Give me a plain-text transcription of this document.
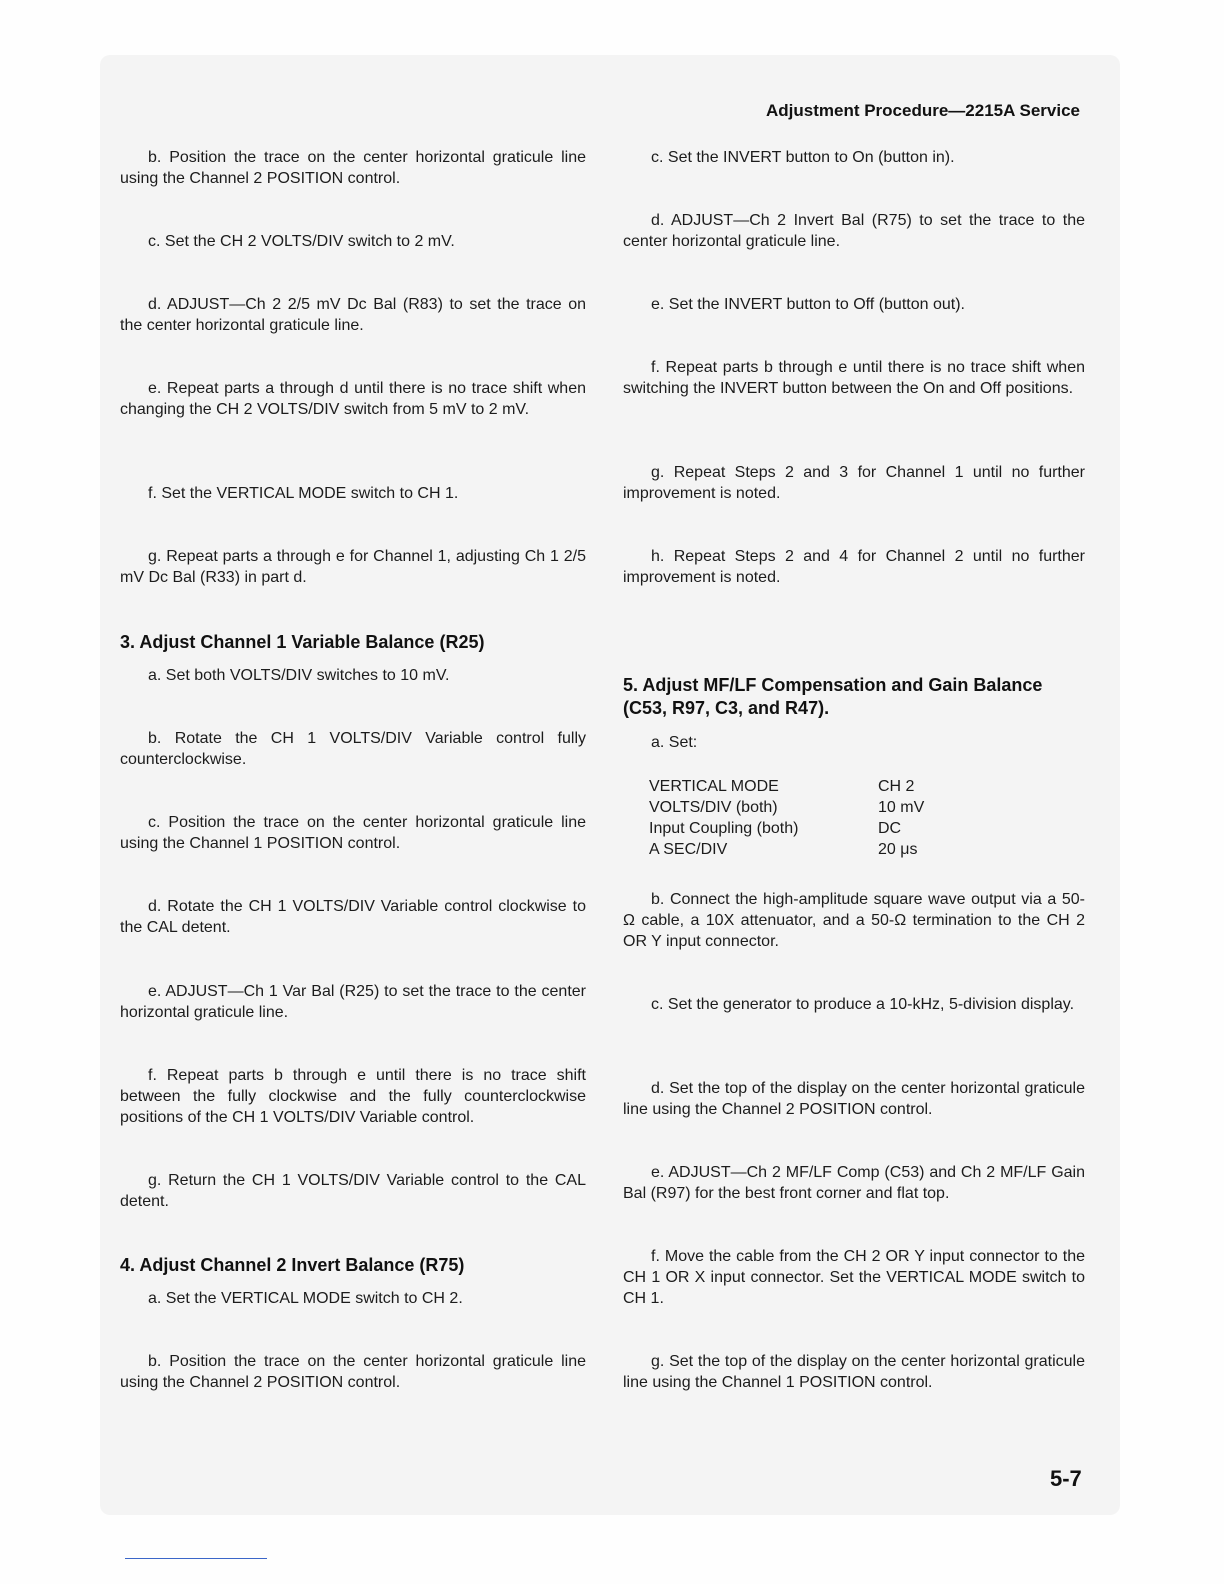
Adjustment Procedure—2215A Service

b. Position the trace on the center horizontal graticule line using the Channel 2 POSITION control.

c. Set the CH 2 VOLTS/DIV switch to 2 mV.

d. ADJUST—Ch 2 2/5 mV Dc Bal (R83) to set the trace on the center horizontal graticule line.

e. Repeat parts a through d until there is no trace shift when changing the CH 2 VOLTS/DIV switch from 5 mV to 2 mV.

f. Set the VERTICAL MODE switch to CH 1.

g. Repeat parts a through e for Channel 1, adjusting Ch 1 2/5 mV Dc Bal (R33) in part d.

3. Adjust Channel 1 Variable Balance (R25)

a. Set both VOLTS/DIV switches to 10 mV.

b. Rotate the CH 1 VOLTS/DIV Variable control fully counterclockwise.

c. Position the trace on the center horizontal graticule line using the Channel 1 POSITION control.

d. Rotate the CH 1 VOLTS/DIV Variable control clockwise to the CAL detent.

e. ADJUST—Ch 1 Var Bal (R25) to set the trace to the center horizontal graticule line.

f. Repeat parts b through e until there is no trace shift between the fully clockwise and the fully counterclockwise positions of the CH 1 VOLTS/DIV Variable control.

g. Return the CH 1 VOLTS/DIV Variable control to the CAL detent.

4. Adjust Channel 2 Invert Balance (R75)

a. Set the VERTICAL MODE switch to CH 2.

b. Position the trace on the center horizontal graticule line using the Channel 2 POSITION control.

c. Set the INVERT button to On (button in).

d. ADJUST—Ch 2 Invert Bal (R75) to set the trace to the center horizontal graticule line.

e. Set the INVERT button to Off (button out).

f. Repeat parts b through e until there is no trace shift when switching the INVERT button between the On and Off positions.

g. Repeat Steps 2 and 3 for Channel 1 until no further improvement is noted.

h. Repeat Steps 2 and 4 for Channel 2 until no further improvement is noted.

5. Adjust MF/LF Compensation and Gain Balance (C53, R97, C3, and R47).

a. Set:

VERTICAL MODE	CH 2
VOLTS/DIV (both)	10 mV
Input Coupling (both)	DC
A SEC/DIV	20 μs

b. Connect the high-amplitude square wave output via a 50-Ω cable, a 10X attenuator, and a 50-Ω termination to the CH 2 OR Y input connector.

c. Set the generator to produce a 10-kHz, 5-division display.

d. Set the top of the display on the center horizontal graticule line using the Channel 2 POSITION control.

e. ADJUST—Ch 2 MF/LF Comp (C53) and Ch 2 MF/LF Gain Bal (R97) for the best front corner and flat top.

f. Move the cable from the CH 2 OR Y input connector to the CH 1 OR X input connector. Set the VERTICAL MODE switch to CH 1.

g. Set the top of the display on the center horizontal graticule line using the Channel 1 POSITION control.

5-7
